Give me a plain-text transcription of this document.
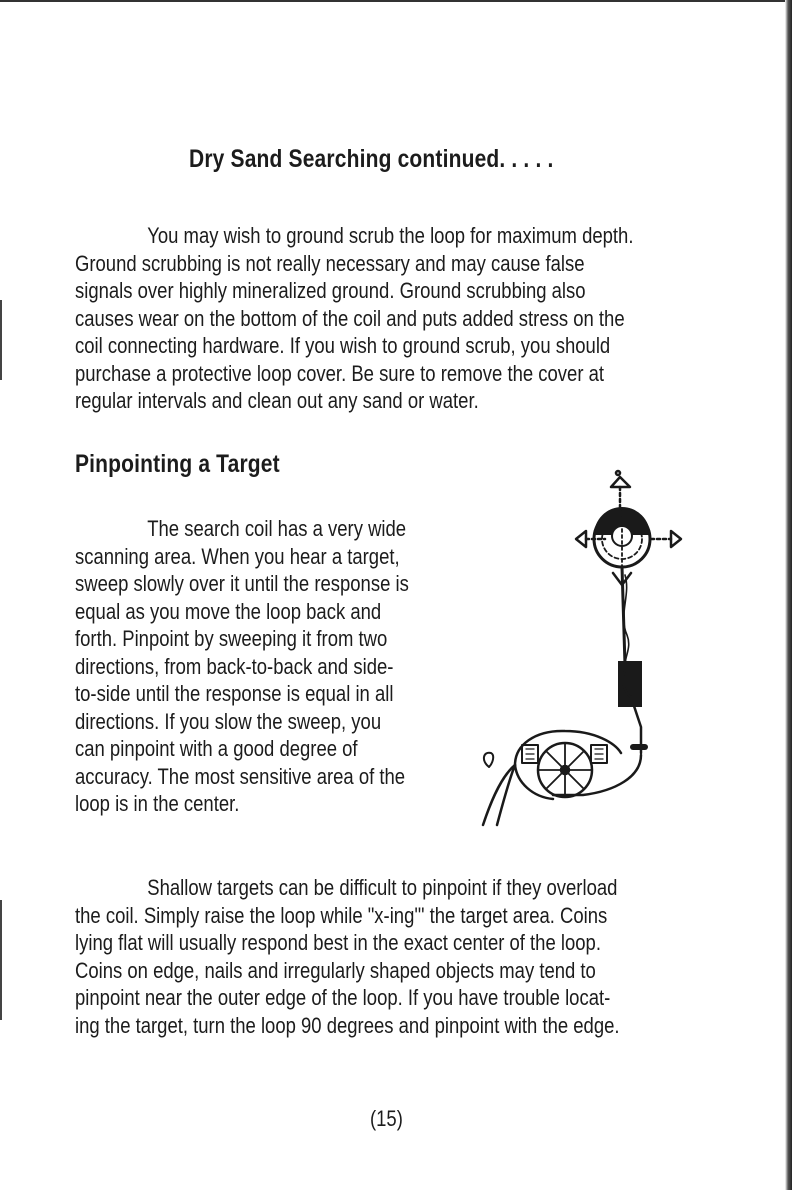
Dry Sand Searching continued. . . . .

You may wish to ground scrub the loop for maximum depth.
Ground scrubbing is not really necessary and may cause false
signals over highly mineralized ground. Ground scrubbing also
causes wear on the bottom of the coil and puts added stress on the
coil connecting hardware. If you wish to ground scrub, you should
purchase a protective loop cover. Be sure to remove the cover at
regular intervals and clean out any sand or water.

Pinpointing a Target

The search coil has a very wide
scanning area. When you hear a target,
sweep slowly over it until the response is
equal as you move the loop back and
forth. Pinpoint by sweeping it from two
directions, from back-to-back and side-
to-side until the response is equal in all
directions. If you slow the sweep, you
can pinpoint with a good degree of
accuracy. The most sensitive area of the
loop is in the center.

Shallow targets can be difficult to pinpoint if they overload
the coil. Simply raise the loop while "x-ing'" the target area. Coins
lying flat will usually respond best in the exact center of the loop.
Coins on edge, nails and irregularly shaped objects may tend to
pinpoint near the outer edge of the loop. If you have trouble locat-
ing the target, turn the loop 90 degrees and pinpoint with the edge.

(15)
